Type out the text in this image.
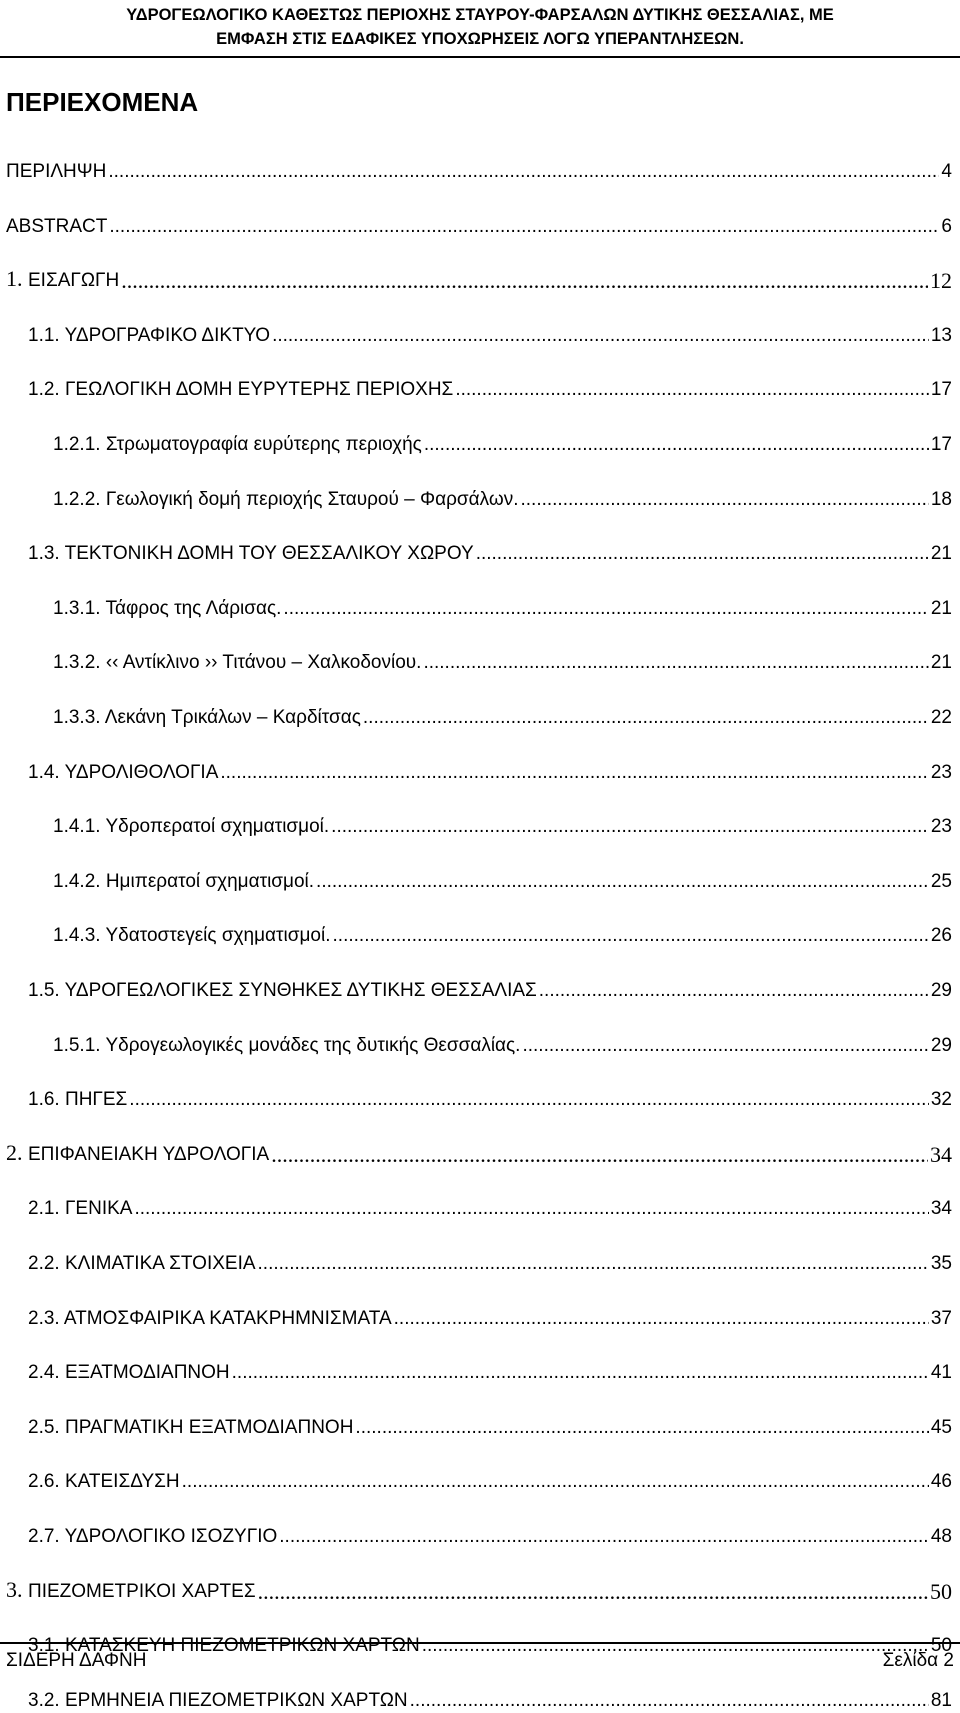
ΥΔΡΟΓΕΩΛΟΓΙΚΟ ΚΑΘΕΣΤΩΣ ΠΕΡΙΟΧΗΣ ΣΤΑΥΡΟΥ-ΦΑΡΣΑΛΩΝ ΔΥΤΙΚΗΣ ΘΕΣΣΑΛΙΑΣ, ΜΕ
ΕΜΦΑΣΗ ΣΤΙΣ ΕΔΑΦΙΚΕΣ ΥΠΟΧΩΡΗΣΕΙΣ ΛΟΓΩ ΥΠΕΡΑΝΤΛΗΣΕΩΝ.
ΠΕΡΙΕΧΟΜΕΝΑ
ΠΕΡΙΛΗΨΗ .....	4
ABSTRACT .....	6
1. ΕΙΣΑΓΩΓΗ .....	12
1.1. ΥΔΡΟΓΡΑΦΙΚΟ ΔΙΚΤΥΟ .....	13
1.2. ΓΕΩΛΟΓΙΚΗ ΔΟΜΗ ΕΥΡΥΤΕΡΗΣ ΠΕΡΙΟΧΗΣ .....	17
1.2.1. Στρωματογραφία ευρύτερης περιοχής .....	17
1.2.2. Γεωλογική δομή περιοχής Σταυρού – Φαρσάλων. .....	18
1.3. ΤΕΚΤΟΝΙΚΗ ΔΟΜΗ ΤΟΥ ΘΕΣΣΑΛΙΚΟΥ ΧΩΡΟΥ .....	21
1.3.1. Τάφρος της Λάρισας. .....	21
1.3.2. ‹‹ Αντίκλινο ›› Τιτάνου – Χαλκοδονίου. .....	21
1.3.3. Λεκάνη Τρικάλων – Καρδίτσας .....	22
1.4. ΥΔΡΟΛΙΘΟΛΟΓΙΑ .....	23
1.4.1. Υδροπερατοί σχηματισμοί. .....	23
1.4.2. Ημιπερατοί σχηματισμοί. .....	25
1.4.3. Υδατοστεγείς σχηματισμοί. .....	26
1.5. ΥΔΡΟΓΕΩΛΟΓΙΚΕΣ ΣΥΝΘΗΚΕΣ ΔΥΤΙΚΗΣ ΘΕΣΣΑΛΙΑΣ .....	29
1.5.1. Υδρογεωλογικές μονάδες της δυτικής Θεσσαλίας. .....	29
1.6. ΠΗΓΕΣ .....	32
2. ΕΠΙΦΑΝΕΙΑΚΗ ΥΔΡΟΛΟΓΙΑ .....	34
2.1. ΓΕΝΙΚΑ .....	34
2.2. ΚΛΙΜΑΤΙΚΑ ΣΤΟΙΧΕΙΑ .....	35
2.3. ΑΤΜΟΣΦΑΙΡΙΚΑ ΚΑΤΑΚΡΗΜΝΙΣΜΑΤΑ .....	37
2.4. ΕΞΑΤΜΟΔΙΑΠΝΟΗ .....	41
2.5. ΠΡΑΓΜΑΤΙΚΗ ΕΞΑΤΜΟΔΙΑΠΝΟΗ .....	45
2.6. ΚΑΤΕΙΣΔΥΣΗ .....	46
2.7. ΥΔΡΟΛΟΓΙΚΟ ΙΣΟΖΥΓΙΟ .....	48
3. ΠΙΕΖΟΜΕΤΡΙΚΟΙ ΧΑΡΤΕΣ .....	50
3.1. ΚΑΤΑΣΚΕΥΗ ΠΙΕΖΟΜΕΤΡΙΚΩΝ ΧΑΡΤΩΝ .....	50
3.2. ΕΡΜΗΝΕΙΑ ΠΙΕΖΟΜΕΤΡΙΚΩΝ ΧΑΡΤΩΝ .....	81
ΣΙΔΕΡΗ ΔΑΦΝΗ	Σελίδα 2
